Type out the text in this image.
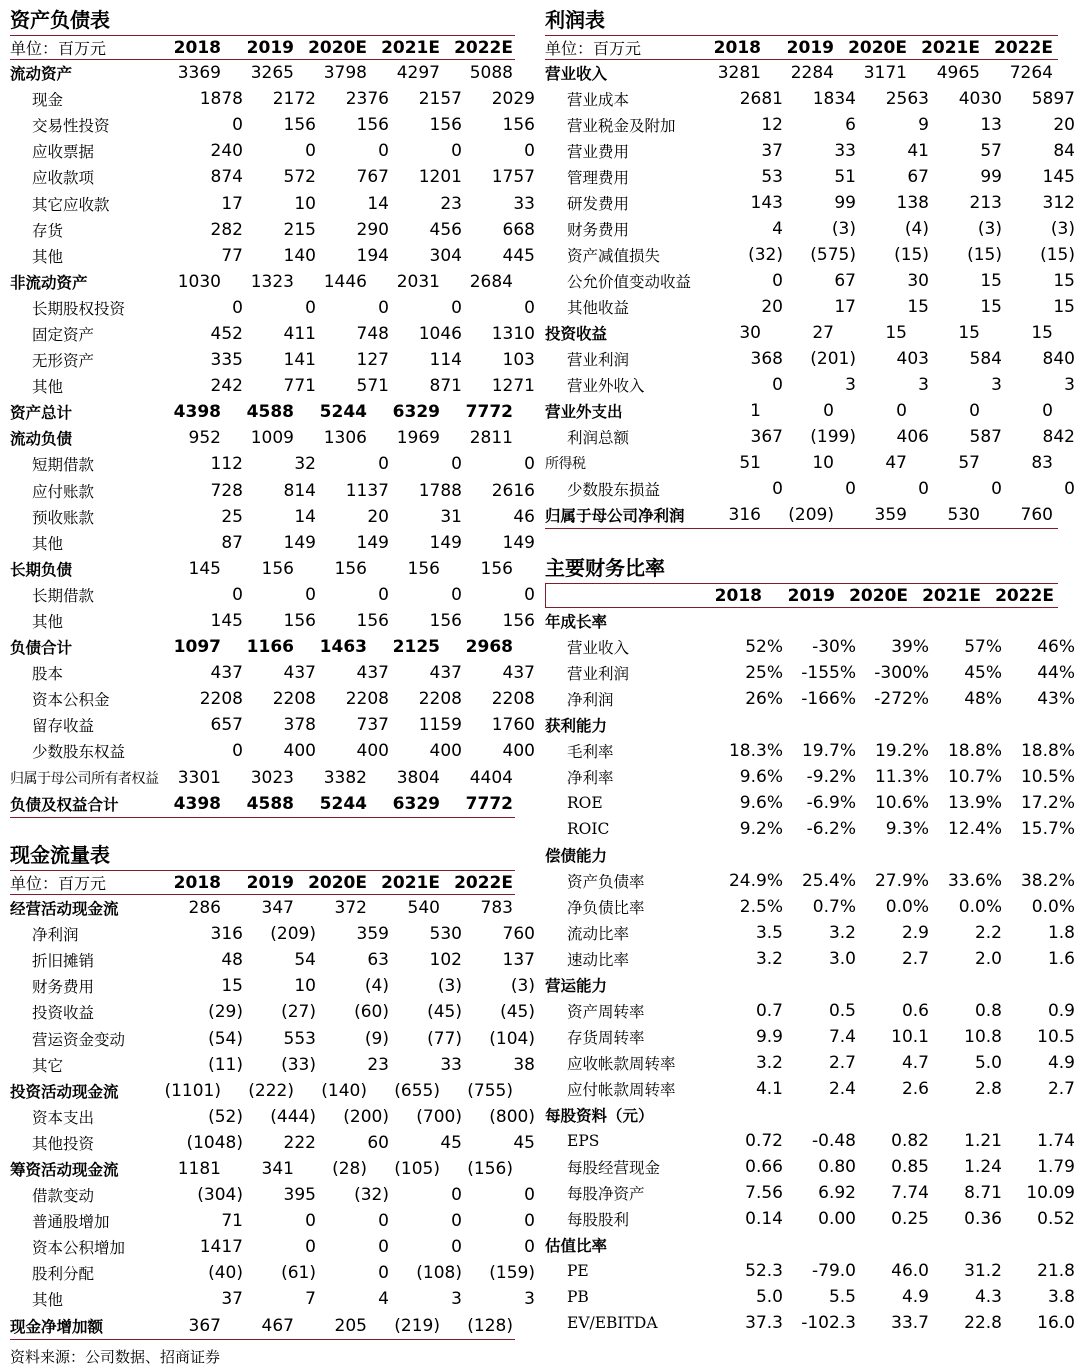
资产负债表
单位：百万元	2018	2019 2020E 2021E 2022E
流动资产	3369	3265	3798	4297	5088
现金	1878	2172	2376	2157	2029
交易性投资	0	156	156	156	156
应收票据	240	0	0	0	0
应收款项	874	572	767	1201	1757
其它应收款	17	10	14	23	33
存货	282	215	290	456	668
其他	77	140	194	304	445
非流动资产	1030	1323	1446	2031	2684
长期股权投资	0	0	0	0	0
固定资产	452	411	748	1046	1310
无形资产	335	141	127	114	103
其他	242	771	571	871	1271
资产总计	4398	4588	5244	6329	7772
流动负债	952	1009	1306	1969	2811
短期借款	112	32	0	0	0
应付账款	728	814	1137	1788	2616
预收账款	25	14	20	31	46
其他	87	149	149	149	149
长期负债	145	156	156	156	156
长期借款	0	0	0	0	0
其他	145	156	156	156	156
负债合计	1097	1166	1463	2125	2968
股本	437	437	437	437	437
资本公积金	2208	2208	2208	2208	2208
留存收益	657	378	737	1159	1760
少数股东权益	0	400	400	400	400
归属于母公司所有者权益	3301	3023	3382	3804	4404
负债及权益合计	4398	4588	5244	6329	7772
现金流量表
单位：百万元	2018	2019 2020E 2021E 2022E
经营活动现金流	286	347	372	540	783
净利润	316	(209)	359	530	760
折旧摊销	48	54	63	102	137
财务费用	15	10	(4)	(3)	(3)
投资收益	(29)	(27)	(60)	(45)	(45)
营运资金变动	(54)	553	(9)	(77)	(104)
其它	(11)	(33)	23	33	38
投资活动现金流	(1101)	(222)	(140)	(655)	(755)
资本支出	(52)	(444)	(200)	(700)	(800)
其他投资	(1048)	222	60	45	45
筹资活动现金流	1181	341	(28)	(105)	(156)
借款变动	(304)	395	(32)	0	0
普通股增加	71	0	0	0	0
资本公积增加	1417	0	0	0	0
股利分配	(40)	(61)	0	(108)	(159)
其他	37	7	4	3	3
现金净增加额	367	467	205	(219)	(128)
利润表
单位：百万元	2018	2019 2020E 2021E 2022E
营业收入	3281	2284	3171	4965	7264
营业成本	2681	1834	2563	4030	5897
营业税金及附加	12	6	9	13	20
营业费用	37	33	41	57	84
管理费用	53	51	67	99	145
研发费用	143	99	138	213	312
财务费用	4	(3)	(4)	(3)	(3)
资产减值损失	(32)	(575)	(15)	(15)	(15)
公允价值变动收益	0	67	30	15	15
其他收益	20	17	15	15	15
投资收益	30	27	15	15	15
营业利润	368	(201)	403	584	840
营业外收入	0	3	3	3	3
营业外支出	1	0	0	0	0
利润总额	367	(199)	406	587	842
所得税	51	10	47	57	83
少数股东损益	0	0	0	0	0
归属于母公司净利润	316	(209)	359	530	760
主要财务比率
2018	2019 2020E 2021E 2022E
年成长率
营业收入	52%	-30%	39%	57%	46%
营业利润	25%	-155%	-300%	45%	44%
净利润	26%	-166%	-272%	48%	43%
获利能力
毛利率	18.3%	19.7%	19.2%	18.8%	18.8%
净利率	9.6%	-9.2%	11.3%	10.7%	10.5%
ROE	9.6%	-6.9%	10.6%	13.9%	17.2%
ROIC	9.2%	-6.2%	9.3%	12.4%	15.7%
偿债能力
资产负债率	24.9%	25.4%	27.9%	33.6%	38.2%
净负债比率	2.5%	0.7%	0.0%	0.0%	0.0%
流动比率	3.5	3.2	2.9	2.2	1.8
速动比率	3.2	3.0	2.7	2.0	1.6
营运能力
资产周转率	0.7	0.5	0.6	0.8	0.9
存货周转率	9.9	7.4	10.1	10.8	10.5
应收帐款周转率	3.2	2.7	4.7	5.0	4.9
应付帐款周转率	4.1	2.4	2.6	2.8	2.7
每股资料（元）
EPS	0.72	-0.48	0.82	1.21	1.74
每股经营现金	0.66	0.80	0.85	1.24	1.79
每股净资产	7.56	6.92	7.74	8.71	10.09
每股股利	0.14	0.00	0.25	0.36	0.52
估值比率
PE	52.3	-79.0	46.0	31.2	21.8
PB	5.0	5.5	4.9	4.3	3.8
EV/EBITDA	37.3	-102.3	33.7	22.8	16.0
资料来源：公司数据、招商证券
